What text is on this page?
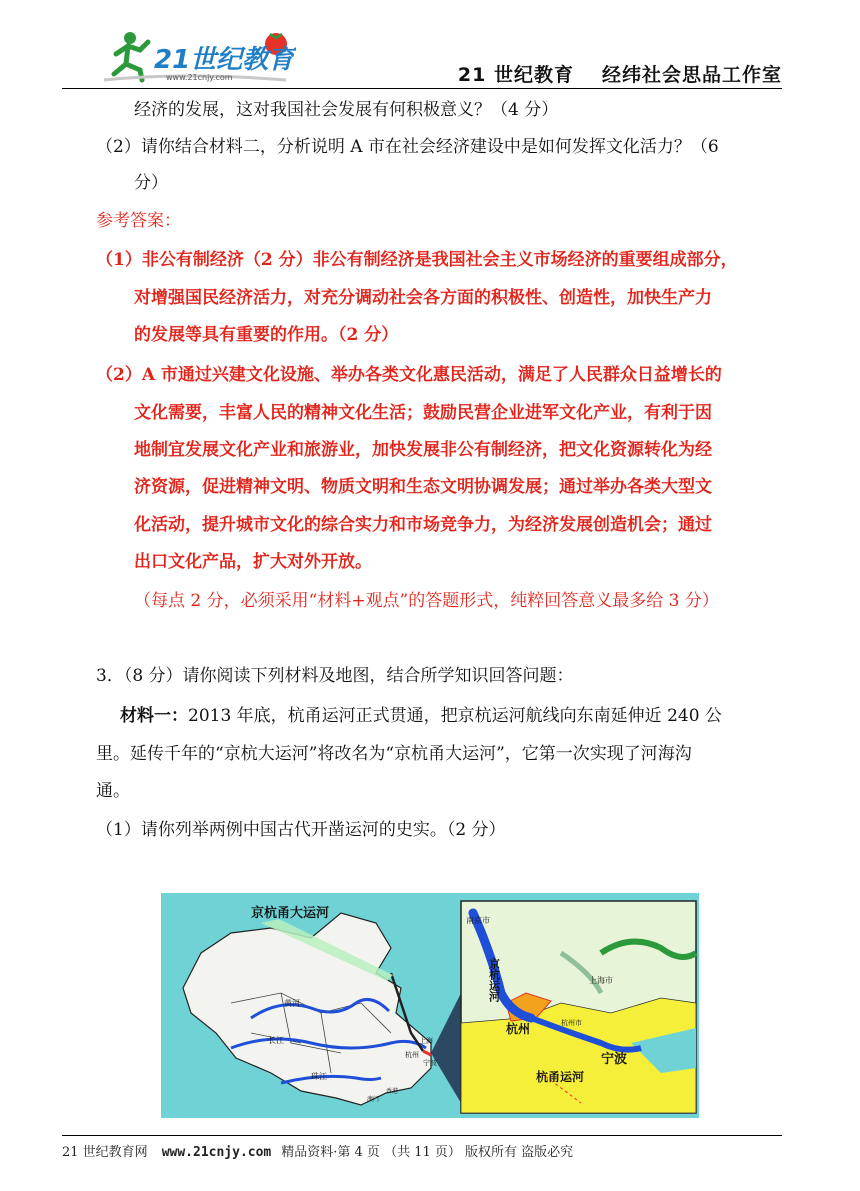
21世纪教育
www.21cnjy.com	21 世纪教育 经纬社会思品工作室
经济的发展，这对我国社会发展有何积极意义？（4 分）
（2）请你结合材料二，分析说明 A 市在社会经济建设中是如何发挥文化活力？（6
分）
参考答案：
（1）非公有制经济（2 分）非公有制经济是我国社会主义市场经济的重要组成部分，
对增强国民经济活力，对充分调动社会各方面的积极性、创造性，加快生产力
的发展等具有重要的作用。（2 分）
（2）A 市通过兴建文化设施、举办各类文化惠民活动，满足了人民群众日益增长的
文化需要，丰富人民的精神文化生活；鼓励民营企业进军文化产业，有利于因
地制宜发展文化产业和旅游业，加快发展非公有制经济，把文化资源转化为经
济资源，促进精神文明、物质文明和生态文明协调发展；通过举办各类大型文
化活动，提升城市文化的综合实力和市场竞争力，为经济发展创造机会；通过
出口文化产品，扩大对外开放。
（每点 2 分，必须采用“材料+观点”的答题形式，纯粹回答意义最多给 3 分）
3．（8 分）请你阅读下列材料及地图，结合所学知识回答问题：
材料一：2013 年底，杭甬运河正式贯通，把京杭运河航线向东南延伸近 240 公
里。延传千年的“京杭大运河”将改名为“京杭甬大运河”，它第一次实现了河海沟
通。
（1）请你列举两例中国古代开凿运河的史实。（2 分）
京杭甬大运河
黄河
长江
珠江
上海
杭州
宁波
澳门
香港
南京市
上海市
京杭运河
杭州	杭州市
宁波
杭甬运河
21 世纪教育网 www.21cnjy.com 精品资料·第 4 页 （共 11 页） 版权所有 盗版必究
